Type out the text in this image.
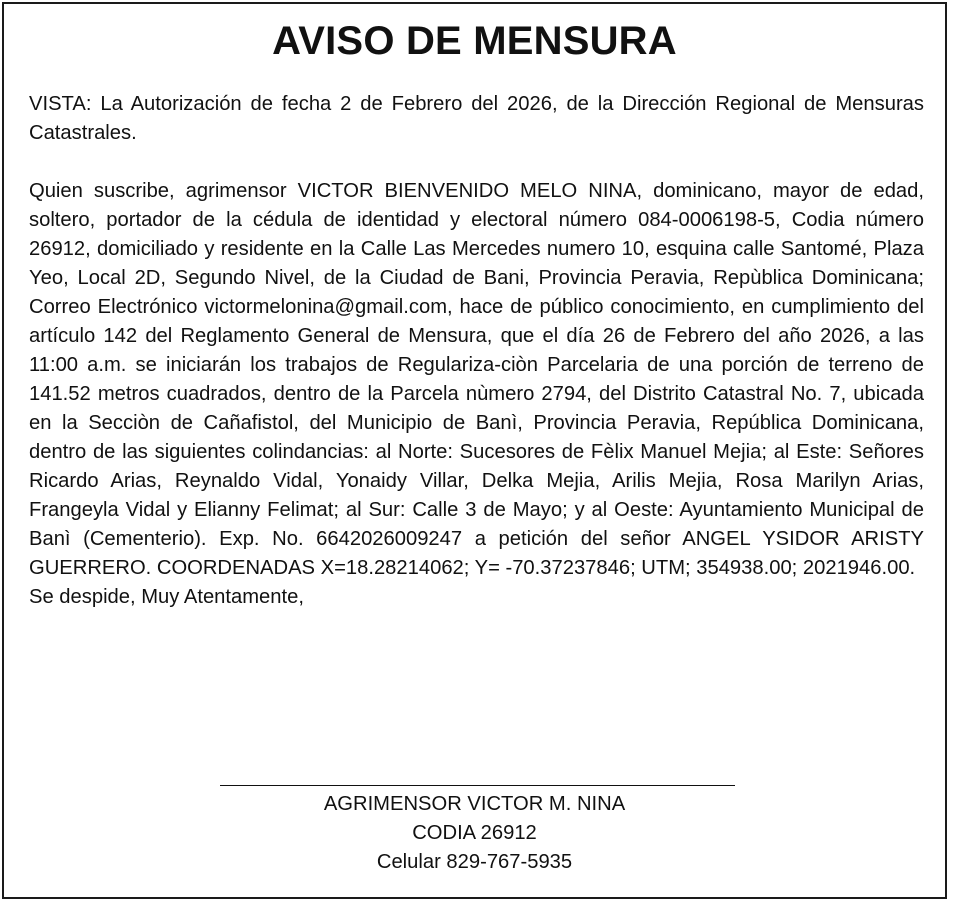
AVISO DE MENSURA

VISTA: La Autorización de fecha 2 de Febrero del 2026, de la Dirección Regional de Mensuras Catastrales.

Quien suscribe, agrimensor VICTOR BIENVENIDO MELO NINA, dominicano, mayor de edad, soltero, portador de la cédula de identidad y electoral número 084-0006198-5, Codia número 26912, domiciliado y residente en la Calle Las Mercedes numero 10, esquina calle Santomé, Plaza Yeo, Local 2D, Segundo Nivel, de la Ciudad de Bani, Provincia Peravia, Repùblica Dominicana; Correo Electrónico victormelonina@gmail.com, hace de público conocimiento, en cumplimiento del artículo 142 del Reglamento General de Mensura, que el día 26 de Febrero del año 2026, a las 11:00 a.m. se iniciarán los trabajos de Regulariza-ciòn Parcelaria de una porción de terreno de 141.52 metros cuadrados, dentro de la Parcela nùmero 2794, del Distrito Catastral No. 7, ubicada en la Secciòn de Cañafistol, del Municipio de Banì, Provincia Peravia, República Dominicana, dentro de las siguientes colindancias: al Norte: Sucesores de Fèlix Manuel Mejia; al Este: Señores Ricardo Arias, Reynaldo Vidal, Yonaidy Villar, Delka Mejia, Arilis Mejia, Rosa Marilyn Arias, Frangeyla Vidal y Elianny Felimat; al Sur: Calle 3 de Mayo; y al Oeste: Ayuntamiento Municipal de Banì (Cementerio). Exp. No. 6642026009247 a petición del señor ANGEL YSIDOR ARISTY GUERRERO. COORDENADAS X=18.28214062; Y= -70.37237846; UTM; 354938.00; 2021946.00.

Se despide, Muy Atentamente,

AGRIMENSOR VICTOR M. NINA
CODIA 26912
Celular 829-767-5935
